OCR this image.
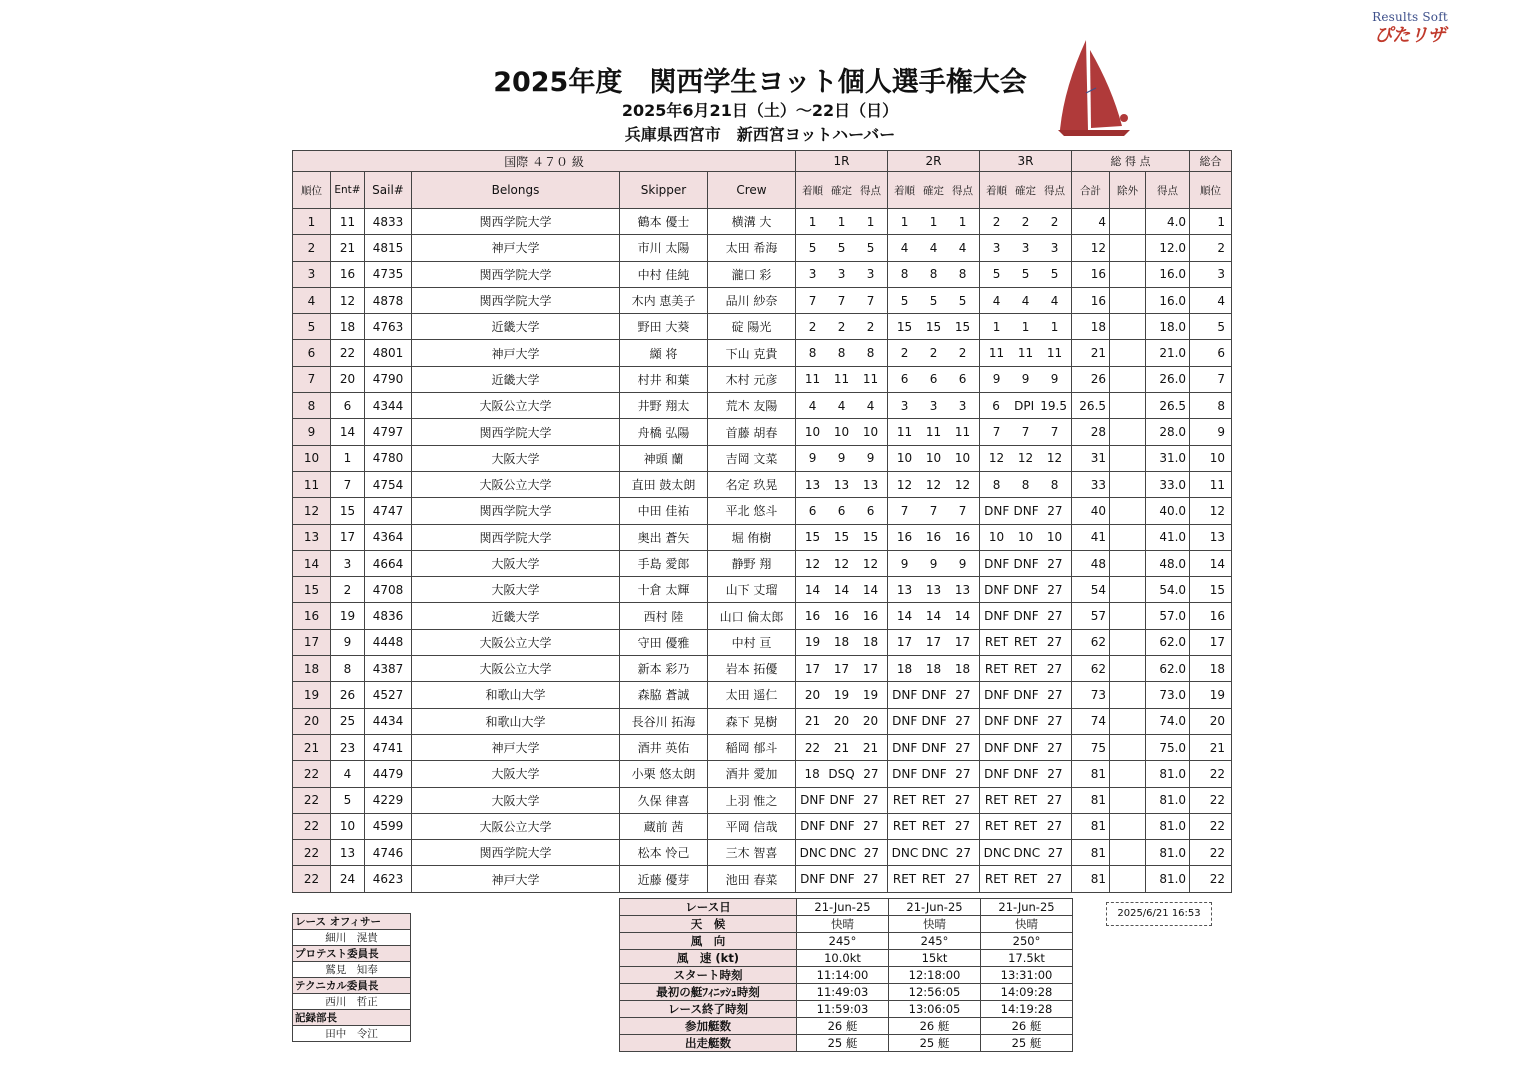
Results Soft
ぴたリザ
2025年度　関西学生ヨット個人選手権大会
2025年6月21日（土）～22日（日）
兵庫県西宮市　新西宮ヨットハーバー
国際 ４７０ 級						1R	2R	3R	総 得 点			総合
順位	Ent#	Sail#	Belongs	Skipper	Crew	着順 確定 得点	着順 確定 得点	着順 確定 得点	合計	除外	得点	順位
1	11	4833	関西学院大学	鶴本 優士	横溝 大	1 1 1	1 1 1	2 2 2	4		4.0	1
2	21	4815	神戸大学	市川 太陽	太田 希海	5 5 5	4 4 4	3 3 3	12		12.0	2
3	16	4735	関西学院大学	中村 佳純	瀧口 彩	3 3 3	8 8 8	5 5 5	16		16.0	3
4	12	4878	関西学院大学	木内 恵美子	品川 紗奈	7 7 7	5 5 5	4 4 4	16		16.0	4
5	18	4763	近畿大学	野田 大葵	碇 陽光	2 2 2	15 15 15	1 1 1	18		18.0	5
6	22	4801	神戸大学	纐 将	下山 克貴	8 8 8	2 2 2	11 11 11	21		21.0	6
7	20	4790	近畿大学	村井 和葉	木村 元彦	11 11 11	6 6 6	9 9 9	26		26.0	7
8	6	4344	大阪公立大学	井野 翔太	荒木 友陽	4 4 4	3 3 3	6 DPI 19.5	26.5		26.5	8
9	14	4797	関西学院大学	舟橋 弘陽	首藤 胡春	10 10 10	11 11 11	7 7 7	28		28.0	9
10	1	4780	大阪大学	神頭 蘭	吉岡 文菜	9 9 9	10 10 10	12 12 12	31		31.0	10
11	7	4754	大阪公立大学	直田 鼓太朗	名定 玖晃	13 13 13	12 12 12	8 8 8	33		33.0	11
12	15	4747	関西学院大学	中田 佳祐	平北 悠斗	6 6 6	7 7 7	DNF DNF 27	40		40.0	12
13	17	4364	関西学院大学	奥出 蒼矢	堀 侑樹	15 15 15	16 16 16	10 10 10	41		41.0	13
14	3	4664	大阪大学	手島 愛郎	静野 翔	12 12 12	9 9 9	DNF DNF 27	48		48.0	14
15	2	4708	大阪大学	十倉 太輝	山下 丈瑠	14 14 14	13 13 13	DNF DNF 27	54		54.0	15
16	19	4836	近畿大学	西村 陸	山口 倫太郎	16 16 16	14 14 14	DNF DNF 27	57		57.0	16
17	9	4448	大阪公立大学	守田 優雅	中村 亘	19 18 18	17 17 17	RET RET 27	62		62.0	17
18	8	4387	大阪公立大学	新本 彩乃	岩本 拓優	17 17 17	18 18 18	RET RET 27	62		62.0	18
19	26	4527	和歌山大学	森脇 蒼誠	太田 遥仁	20 19 19	DNF DNF 27	DNF DNF 27	73		73.0	19
20	25	4434	和歌山大学	長谷川 拓海	森下 晃樹	21 20 20	DNF DNF 27	DNF DNF 27	74		74.0	20
21	23	4741	神戸大学	酒井 英佑	稲岡 郁斗	22 21 21	DNF DNF 27	DNF DNF 27	75		75.0	21
22	4	4479	大阪大学	小栗 悠太朗	酒井 愛加	18 DSQ 27	DNF DNF 27	DNF DNF 27	81		81.0	22
22	5	4229	大阪大学	久保 律喜	上羽 惟之	DNF DNF 27	RET RET 27	RET RET 27	81		81.0	22
22	10	4599	大阪公立大学	蔵前 茜	平岡 信哉	DNF DNF 27	RET RET 27	RET RET 27	81		81.0	22
22	13	4746	関西学院大学	松本 怜己	三木 智喜	DNC DNC 27	DNC DNC 27	DNC DNC 27	81		81.0	22
22	24	4623	神戸大学	近藤 優芽	池田 春菜	DNF DNF 27	RET RET 27	RET RET 27	81		81.0	22
レース オフィサー
細川　滉貴
プロテスト委員長
鷲見　知奉
テクニカル委員長
西川　哲正
記録部長
田中　令江
レース日	21-Jun-25	21-Jun-25	21-Jun-25
天　候	快晴	快晴	快晴
風　向	245°	245°	250°
風　速 (kt)	10.0kt	15kt	17.5kt
スタート時刻	11:14:00	12:18:00	13:31:00
最初の艇ﾌｨﾆｯｼｭ時刻	11:49:03	12:56:05	14:09:28
レース終了時刻	11:59:03	13:06:05	14:19:28
参加艇数	26 艇	26 艇	26 艇
出走艇数	25 艇	25 艇	25 艇
2025/6/21 16:53
